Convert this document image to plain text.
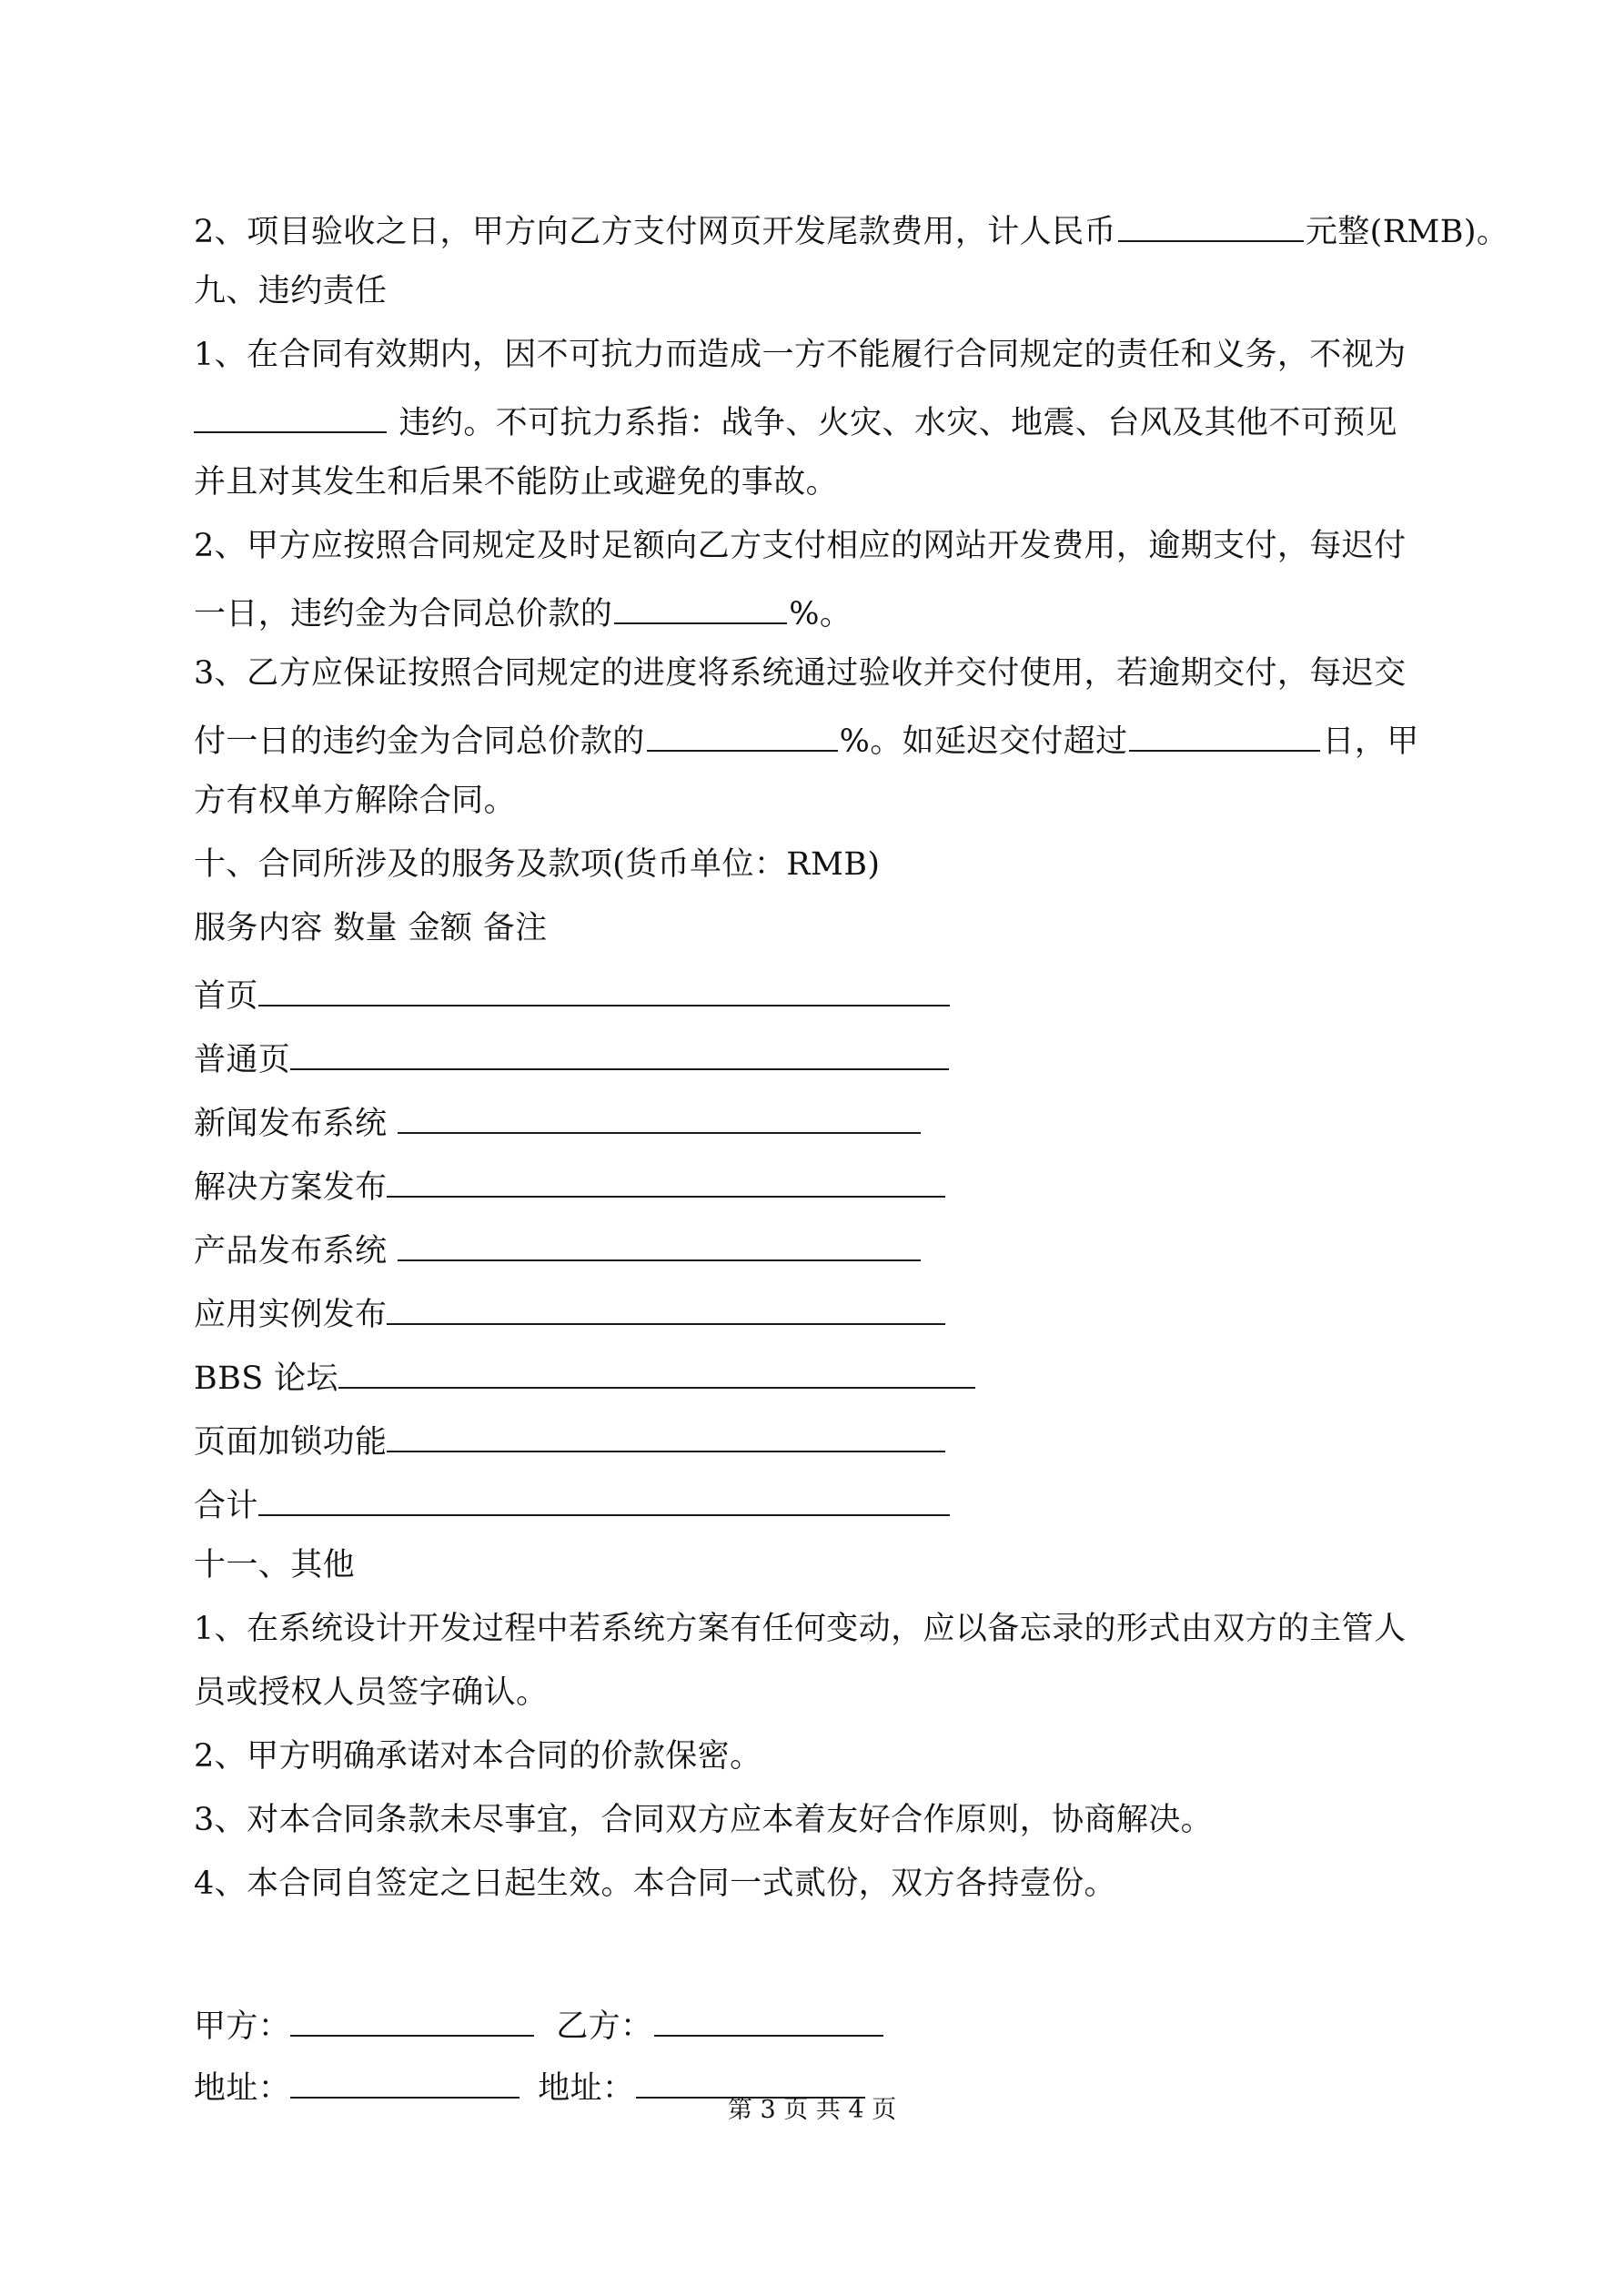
2、项目验收之日，甲方向乙方支付网页开发尾款费用，计人民币	元整(RMB)。
九、违约责任
1、在合同有效期内，因不可抗力而造成一方不能履行合同规定的责任和义务，不视为
违约。不可抗力系指：战争、火灾、水灾、地震、台风及其他不可预见
并且对其发生和后果不能防止或避免的事故。
2、甲方应按照合同规定及时足额向乙方支付相应的网站开发费用，逾期支付，每迟付
一日，违约金为合同总价款的	%。
3、乙方应保证按照合同规定的进度将系统通过验收并交付使用，若逾期交付，每迟交
付一日的违约金为合同总价款的	%。如延迟交付超过	日，甲
方有权单方解除合同。
十、合同所涉及的服务及款项(货币单位：RMB)
服务内容 数量 金额 备注
首页
普通页
新闻发布系统
解决方案发布
产品发布系统
应用实例发布
BBS 论坛
页面加锁功能
合计
十一、其他
1、在系统设计开发过程中若系统方案有任何变动，应以备忘录的形式由双方的主管人
员或授权人员签字确认。
2、甲方明确承诺对本合同的价款保密。
3、对本合同条款未尽事宜，合同双方应本着友好合作原则，协商解决。
4、本合同自签定之日起生效。本合同一式贰份，双方各持壹份。
甲方：	乙方：
地址：	地址：
第 3 页 共 4 页
